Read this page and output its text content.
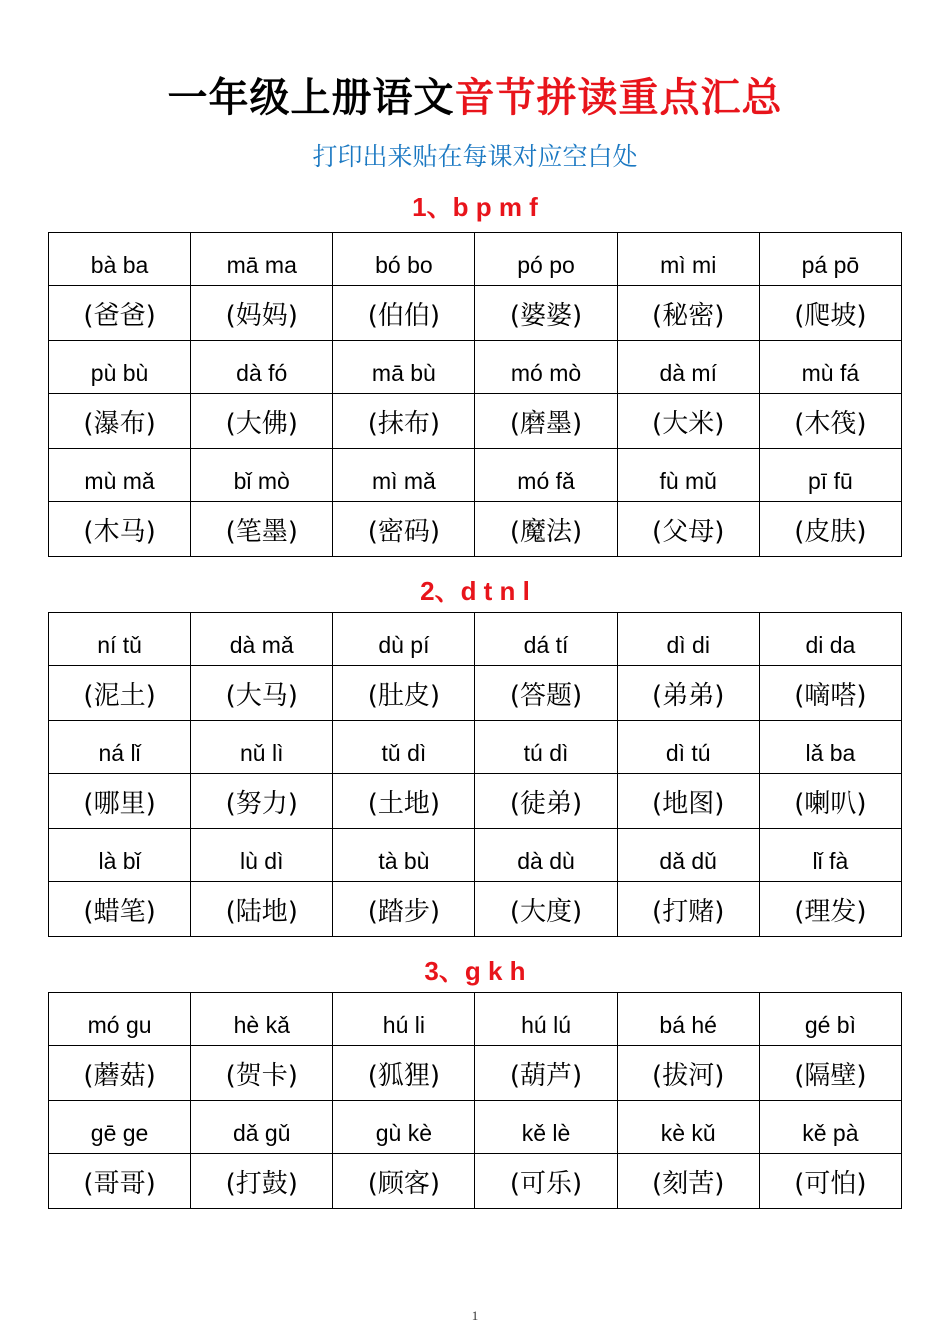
一年级上册语文音节拼读重点汇总
打印出来贴在每课对应空白处
1、b p m f
bà ba	mā ma	bó bo	pó po	mì mi	pá pō
(爸爸)	(妈妈)	(伯伯)	(婆婆)	(秘密)	(爬坡)
pù bù	dà fó	mā bù	mó mò	dà mí	mù fá
(瀑布)	(大佛)	(抹布)	(磨墨)	(大米)	(木筏)
mù mǎ	bǐ mò	mì mǎ	mó fǎ	fù mǔ	pī fū
(木马)	(笔墨)	(密码)	(魔法)	(父母)	(皮肤)
2、d t n l
ní tǔ	dà mǎ	dù pí	dá tí	dì di	di da
(泥土)	(大马)	(肚皮)	(答题)	(弟弟)	(嘀嗒)
ná lǐ	nǔ lì	tǔ dì	tú dì	dì tú	lǎ ba
(哪里)	(努力)	(土地)	(徒弟)	(地图)	(喇叭)
là bǐ	lù dì	tà bù	dà dù	dǎ dǔ	lǐ fà
(蜡笔)	(陆地)	(踏步)	(大度)	(打赌)	(理发)
3、g k h
mó gu	hè kǎ	hú li	hú lú	bá hé	gé bì
(蘑菇)	(贺卡)	(狐狸)	(葫芦)	(拔河)	(隔壁)
gē ge	dǎ gǔ	gù kè	kě lè	kè kǔ	kě pà
(哥哥)	(打鼓)	(顾客)	(可乐)	(刻苦)	(可怕)
1
